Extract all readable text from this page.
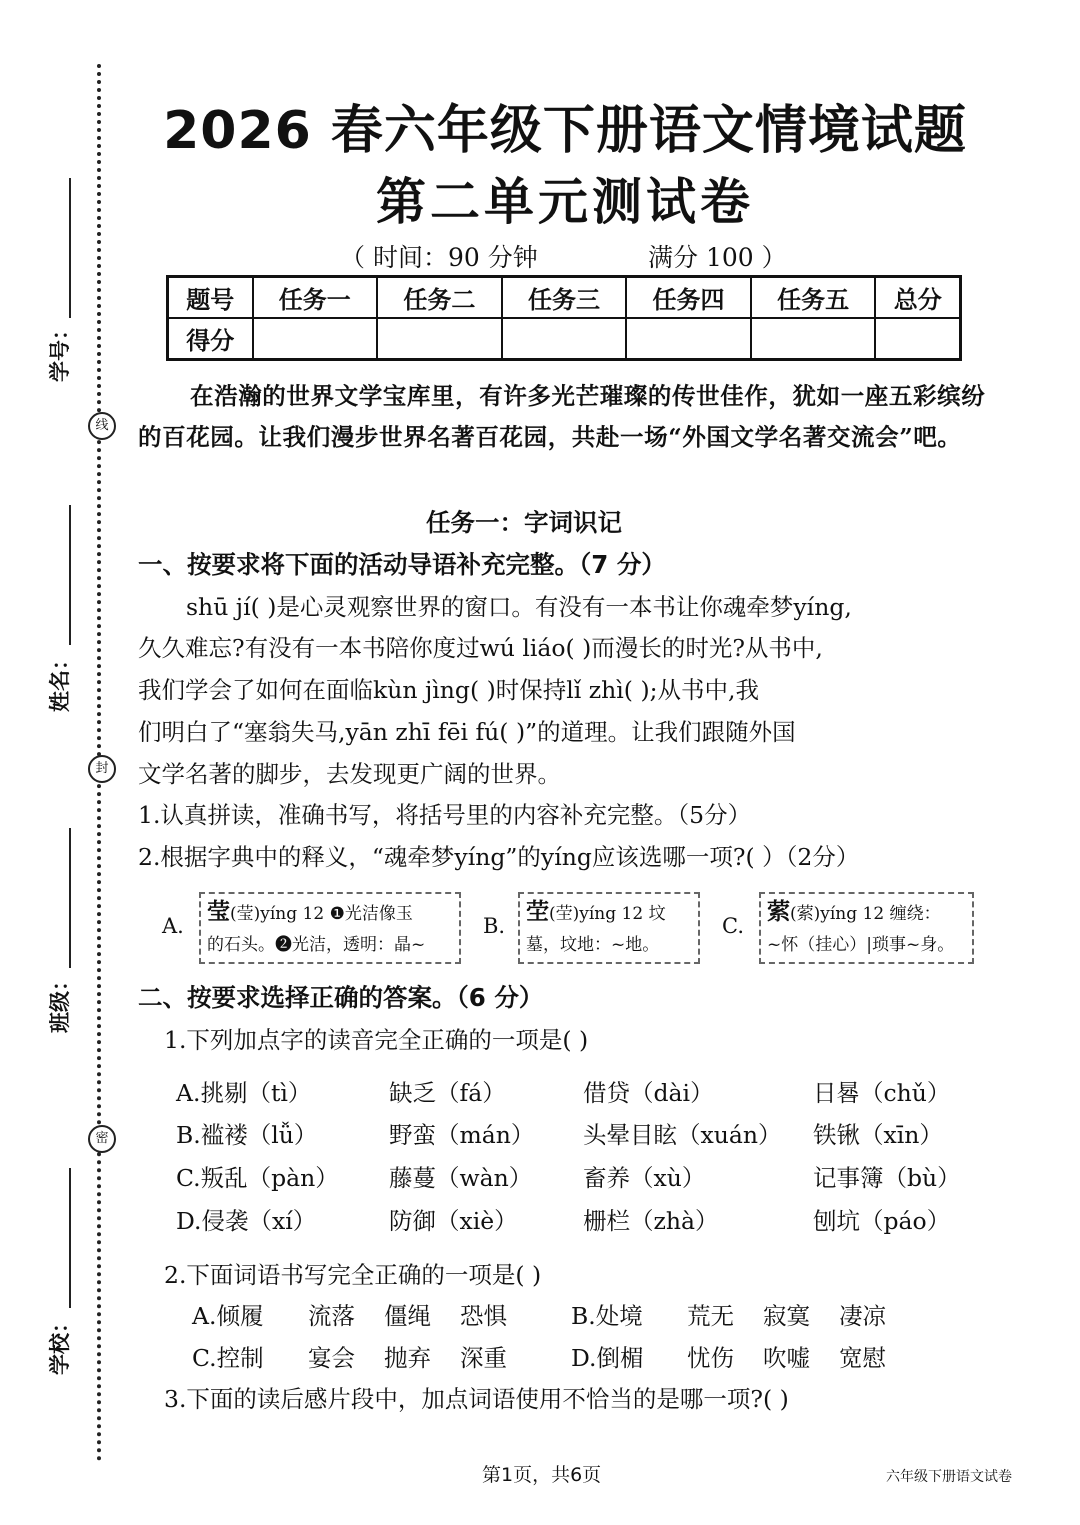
线
封
密
学号：
姓名：
班级：
学校：
2026 春六年级下册语文情境试题
第二单元测试卷
（ 时间：90 分钟	满分 100 ）
题号	任务一	任务二	任务三	任务四	任务五	总分
得分						
在浩瀚的世界文学宝库里，有许多光芒璀璨的传世佳作，犹如一座五彩缤纷的百花园。让我们漫步世界名著百花园，共赴一场“外国文学名著交流会”吧。
任务一：字词识记
一、按要求将下面的活动导语补充完整。（7 分）
shū jí( )是心灵观察世界的窗口。有没有一本书让你魂牵梦yíng,
久久难忘?有没有一本书陪你度过wú liáo( )而漫长的时光?从书中,
我们学会了如何在面临kùn jìng( )时保持lǐ zhì( );从书中,我
们明白了“塞翁失马,yān zhī fēi fú( )”的道理。让我们跟随外国
文学名著的脚步，去发现更广阔的世界。
1.认真拼读，准确书写，将括号里的内容补充完整。（5分）
2.根据字典中的释义，“魂牵梦yíng”的yíng应该选哪一项?( ）（2分）
A.
莹(莹)yíng 12 ❶光洁像玉
的石头。❷光洁，透明：晶~
B.
茔(茔)yíng 12 坟
墓，坟地：~地。
C.
萦(萦)yíng 12 缠绕：
~怀（挂心）|琐事~身。
二、按要求选择正确的答案。（6 分）
1.下列加点字的读音完全正确的一项是( )
A.挑剔（tì）	缺乏（fá）	借贷（dài）	日晷（chǔ）
B.褴褛（lǚ）	野蛮（mán） 头晕目眩（xuán） 铁锹（xīn）
C.叛乱（pàn） 藤蔓（wàn） 畜养（xù）	记事簿（bù）
D.侵袭（xí）	防御（xiè）	栅栏（zhà）	刨坑（páo）
2.下面词语书写完全正确的一项是( )
A.倾履 流落 僵绳 恐惧	B.处境 荒无 寂寞 凄凉
C.控制 宴会 抛弃 深重	D.倒楣 忧伤 吹嘘 宽慰
3.下面的读后感片段中，加点词语使用不恰当的是哪一项?( )
第1页，共6页	六年级下册语文试卷
